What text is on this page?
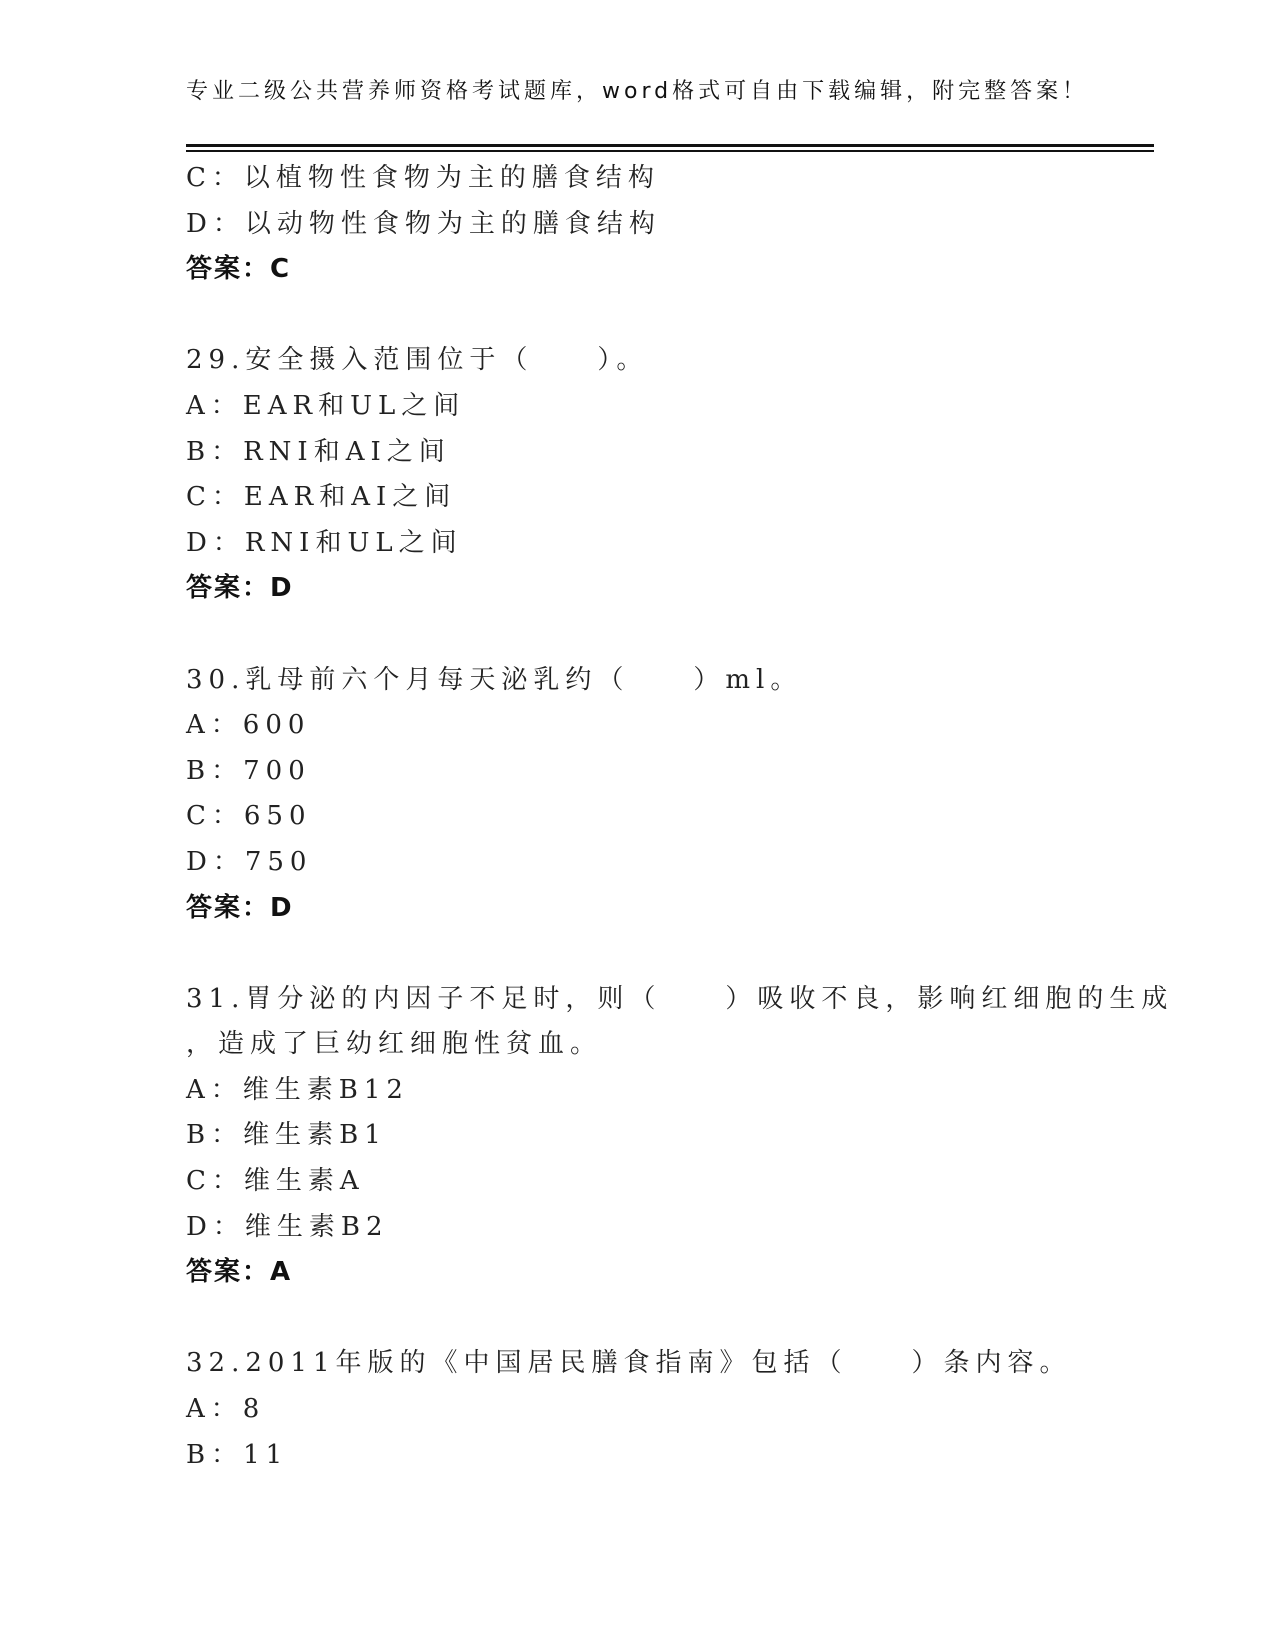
专业二级公共营养师资格考试题库，word格式可自由下载编辑，附完整答案！
C：以植物性食物为主的膳食结构
D：以动物性食物为主的膳食结构
答案：C
29.安全摄入范围位于（　　）。
A：EAR和UL之间
B：RNI和AI之间
C：EAR和AI之间
D：RNI和UL之间
答案：D
30.乳母前六个月每天泌乳约（　　）ml。
A：600
B：700
C：650
D：750
答案：D
31.胃分泌的内因子不足时，则（　　）吸收不良，影响红细胞的生成
，造成了巨幼红细胞性贫血。
A：维生素B12
B：维生素B1
C：维生素A
D：维生素B2
答案：A
32.2011年版的《中国居民膳食指南》包括（　　）条内容。
A：8
B：11
